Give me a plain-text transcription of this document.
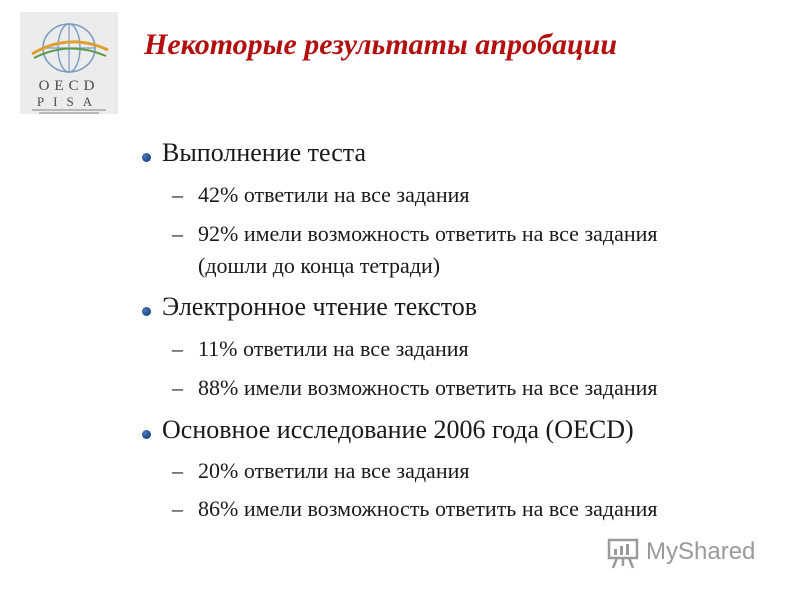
OECD
PISA
Некоторые результаты апробации
Выполнение теста
– 42% ответили на все задания
– 92% имели возможность ответить на все задания
(дошли до конца тетради)
Электронное чтение текстов
– 11% ответили на все задания
– 88% имели возможность ответить на все задания
Основное исследование 2006 года (OECD)
– 20% ответили на все задания
– 86% имели возможность ответить на все задания
MyShared
